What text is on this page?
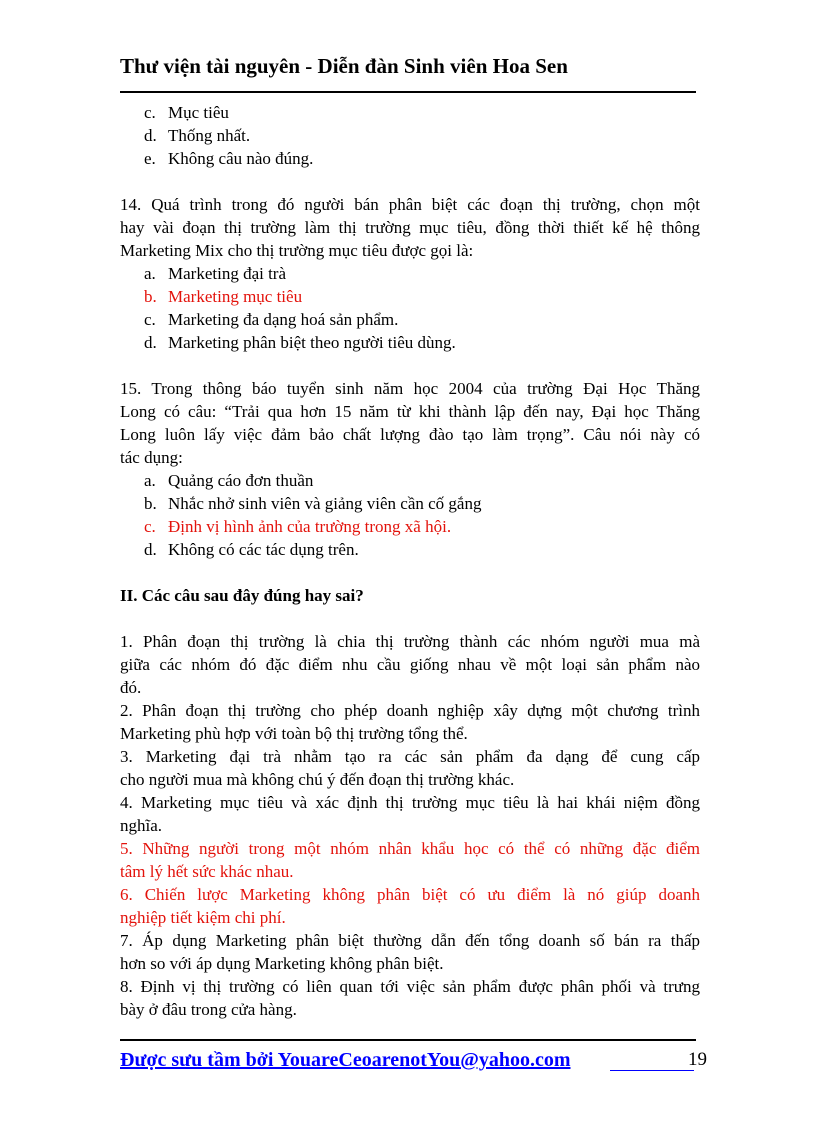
Thư viện tài nguyên - Diễn đàn Sinh viên Hoa Sen

c. Mục tiêu

d. Thống nhất.

e. Không câu nào đúng.

14. Quá trình trong đó người bán phân biệt các đoạn thị trường, chọn một

hay vài đoạn thị trường làm thị trường mục tiêu, đồng thời thiết kế hệ thông

Marketing Mix cho thị trường mục tiêu được gọi là:

a. Marketing đại trà

b. Marketing mục tiêu

c. Marketing đa dạng hoá sản phẩm.

d. Marketing phân biệt theo người tiêu dùng.

15. Trong thông báo tuyển sinh năm học 2004 của trường Đại Học Thăng

Long có câu: “Trải qua hơn 15 năm từ khi thành lập đến nay, Đại học Thăng

Long luôn lấy việc đảm bảo chất lượng đào tạo làm trọng”. Câu nói này có

tác dụng:

a. Quảng cáo đơn thuần

b. Nhắc nhở sinh viên và giảng viên cần cố gắng

c. Định vị hình ảnh của trường trong xã hội.

d. Không có các tác dụng trên.

II. Các câu sau đây đúng hay sai?

1. Phân đoạn thị trường là chia thị trường thành các nhóm người mua mà

giữa các nhóm đó đặc điểm nhu cầu giống nhau về một loại sản phẩm nào

đó.

2. Phân đoạn thị trường cho phép doanh nghiệp xây dựng một chương trình

Marketing phù hợp với toàn bộ thị trường tổng thể.

3. Marketing đại trà nhằm tạo ra các sản phẩm đa dạng để cung cấp

cho người mua mà không chú ý đến đoạn thị trường khác.

4. Marketing mục tiêu và xác định thị trường mục tiêu là hai khái niệm đồng

nghĩa.

5. Những người trong một nhóm nhân khẩu học có thể có những đặc điểm

tâm lý hết sức khác nhau.

6. Chiến lược Marketing không phân biệt có ưu điểm là nó giúp doanh

nghiệp tiết kiệm chi phí.

7. Áp dụng Marketing phân biệt thường dẫn đến tổng doanh số bán ra thấp

hơn so với áp dụng Marketing không phân biệt.

8. Định vị thị trường có liên quan tới việc sản phẩm được phân phối và trưng

bày ở đâu trong cửa hàng.

Được sưu tầm bởi YouareCeoarenotYou@yahoo.com	19
